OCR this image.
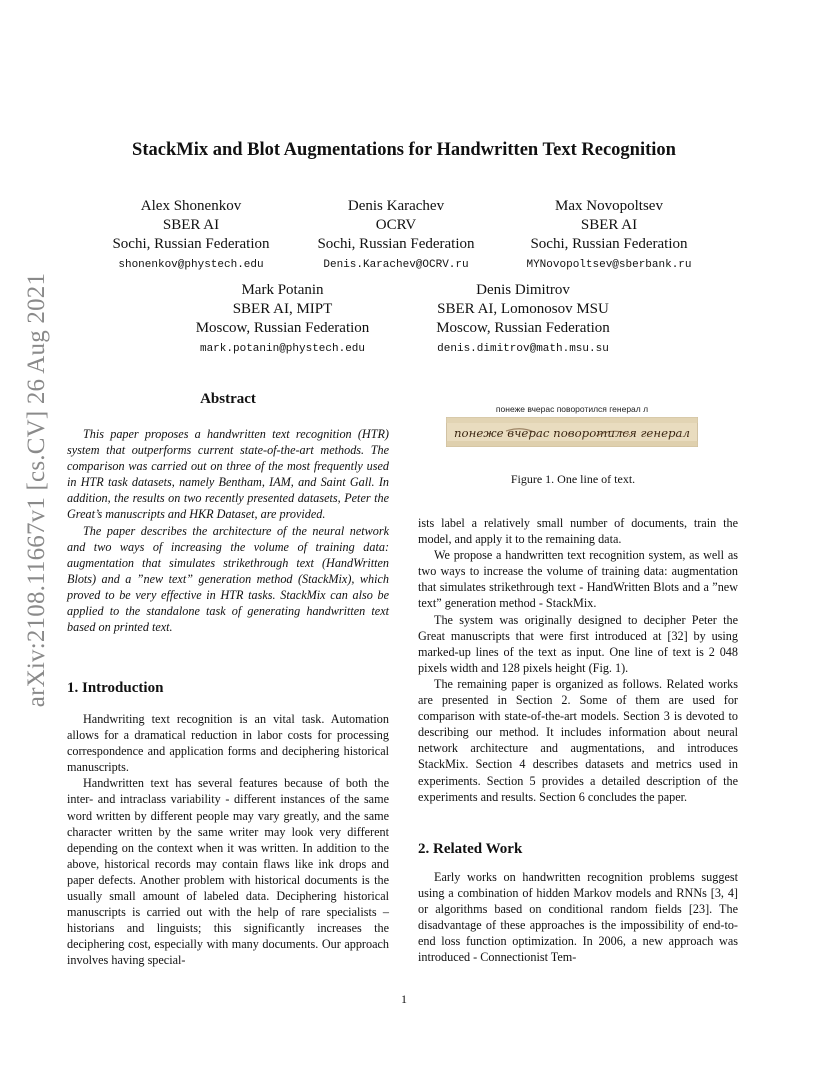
arXiv:2108.11667v1 [cs.CV] 26 Aug 2021
StackMix and Blot Augmentations for Handwritten Text Recognition
Alex Shonenkov
SBER AI
Sochi, Russian Federation
shonenkov@phystech.edu
Denis Karachev
OCRV
Sochi, Russian Federation
Denis.Karachev@OCRV.ru
Max Novopoltsev
SBER AI
Sochi, Russian Federation
MYNovopoltsev@sberbank.ru
Mark Potanin
SBER AI, MIPT
Moscow, Russian Federation
mark.potanin@phystech.edu
Denis Dimitrov
SBER AI, Lomonosov MSU
Moscow, Russian Federation
denis.dimitrov@math.msu.su
Abstract

This paper proposes a handwritten text recognition (HTR) system that outperforms current state-of-the-art methods. The comparison was carried out on three of the most frequently used in HTR task datasets, namely Bentham, IAM, and Saint Gall. In addition, the results on two recently presented datasets, Peter the Great’s manuscripts and HKR Dataset, are provided.

The paper describes the architecture of the neural network and two ways of increasing the volume of training data: augmentation that simulates strikethrough text (HandWritten Blots) and a ”new text” generation method (StackMix), which proved to be very effective in HTR tasks. StackMix can also be applied to the standalone task of generating handwritten text based on printed text.

1. Introduction

Handwriting text recognition is an vital task. Automation allows for a dramatical reduction in labor costs for processing correspondence and application forms and deciphering historical manuscripts.

Handwritten text has several features because of both the inter- and intraclass variability - different instances of the same word written by different people may vary greatly, and the same character written by the same writer may look very different depending on the context when it was written. In addition to the above, historical records may contain flaws like ink drops and paper defects. Another problem with historical documents is the usually small amount of labeled data. Deciphering historical manuscripts is carried out with the help of rare specialists – historians and linguists; this significantly increases the deciphering cost, especially with many documents. Our approach involves having special-

понеже вчерас поворотился генерал л
понеже вчерас поворотился генерал
Figure 1. One line of text.

ists label a relatively small number of documents, train the model, and apply it to the remaining data.

We propose a handwritten text recognition system, as well as two ways to increase the volume of training data: augmentation that simulates strikethrough text - HandWritten Blots and a ”new text” generation method - StackMix.

The system was originally designed to decipher Peter the Great manuscripts that were first introduced at [32] by using marked-up lines of the text as input. One line of text is 2 048 pixels width and 128 pixels height (Fig. 1).

The remaining paper is organized as follows. Related works are presented in Section 2. Some of them are used for comparison with state-of-the-art models. Section 3 is devoted to describing our method. It includes information about neural network architecture and augmentations, and introduces StackMix. Section 4 describes datasets and metrics used in experiments. Section 5 provides a detailed description of the experiments and results. Section 6 concludes the paper.

2. Related Work

Early works on handwritten recognition problems suggest using a combination of hidden Markov models and RNNs [3, 4] or algorithms based on conditional random fields [23]. The disadvantage of these approaches is the impossibility of end-to-end loss function optimization. In 2006, a new approach was introduced - Connectionist Tem-

1
